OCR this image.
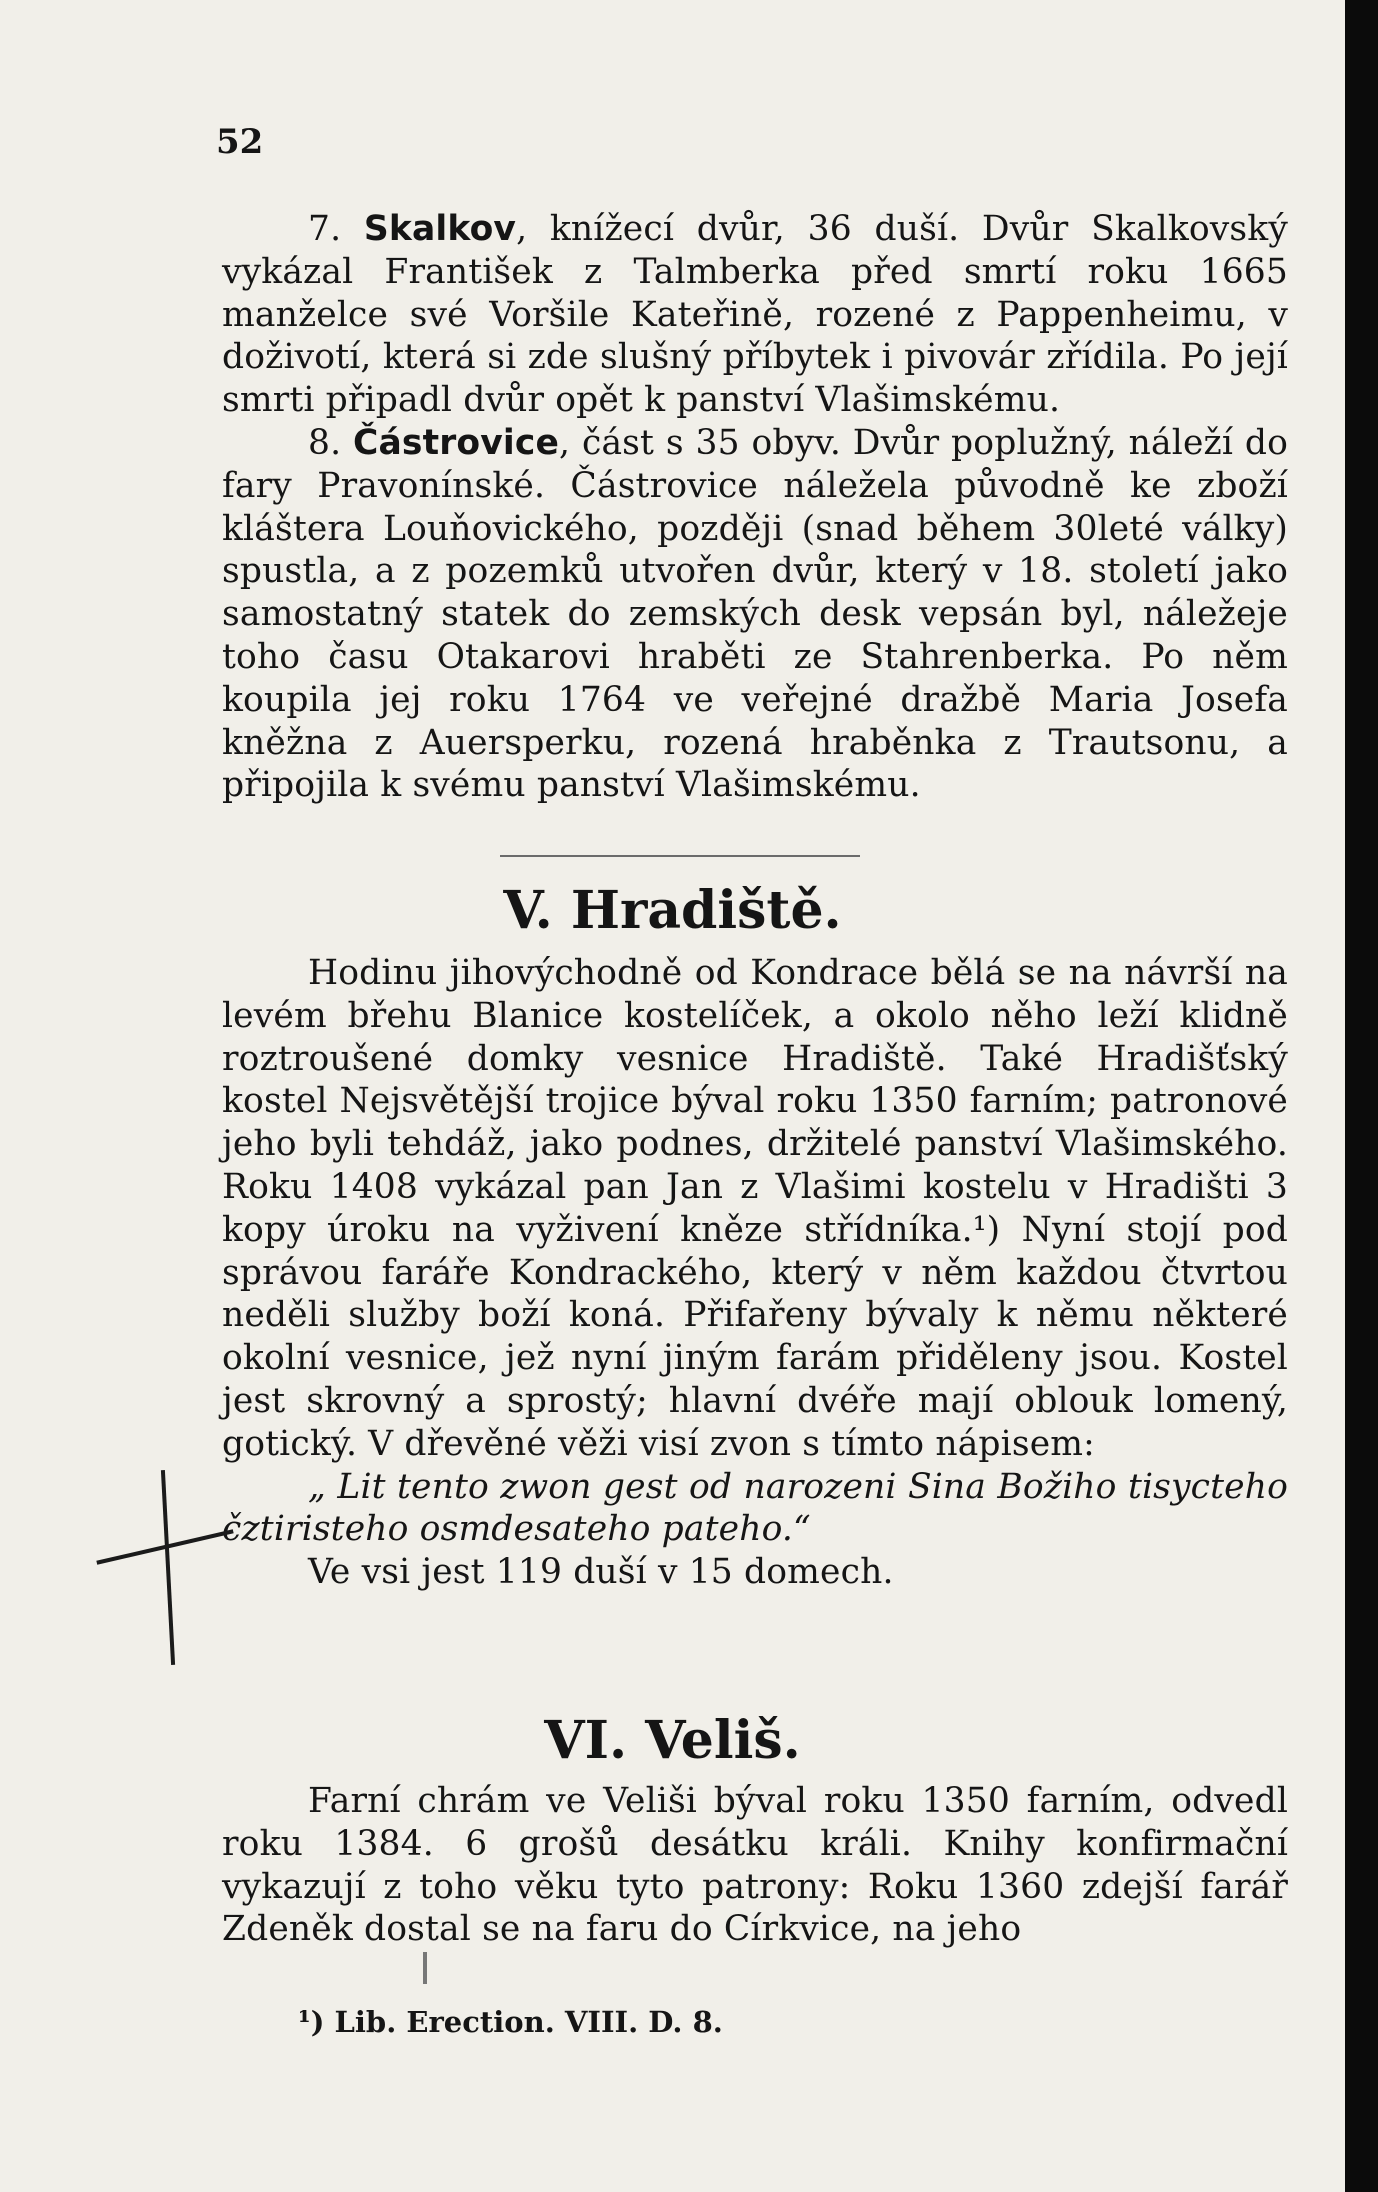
52

7. Skalkov, knížecí dvůr, 36 duší. Dvůr Skalkovský vykázal František z Talmberka před smrtí roku 1665 manželce své Voršile Kateřině, rozené z Pappenheimu, v doživotí, která si zde slušný příbytek i pivovár zřídila. Po její smrti připadl dvůr opět k panství Vlašimskému.

8. Částrovice, část s 35 obyv. Dvůr poplužný, náleží do fary Pravonínské. Částrovice náležela původně ke zboží kláštera Louňovického, později (snad během 30leté války) spustla, a z pozemků utvořen dvůr, který v 18. století jako samostatný statek do zemských desk vepsán byl, náležeje toho času Otakarovi hraběti ze Stahrenberka. Po něm koupila jej roku 1764 ve veřejné dražbě Maria Josefa kněžna z Auersperku, rozená hraběnka z Trautsonu, a připojila k svému panství Vlašimskému.

V. Hradiště.

Hodinu jihovýchodně od Kondrace bělá se na návrší na levém břehu Blanice kostelíček, a okolo něho leží klidně roztroušené domky vesnice Hradiště. Také Hradišťský kostel Nejsvětější trojice býval roku 1350 farním; patronové jeho byli tehdáž, jako podnes, držitelé panství Vlašimského. Roku 1408 vykázal pan Jan z Vlašimi kostelu v Hradišti 3 kopy úroku na vyživení kněze střídníka.¹) Nyní stojí pod správou faráře Kondrackého, který v něm každou čtvrtou neděli služby boží koná. Přifařeny bývaly k němu některé okolní vesnice, jež nyní jiným farám přiděleny jsou. Kostel jest skrovný a sprostý; hlavní dvéře mají oblouk lomený, gotický. V dřevěné věži visí zvon s tímto nápisem:

„ Lit tento zwon gest od narozeni Sina Božiho tisycteho čztiristeho osmdesateho pateho.“

Ve vsi jest 119 duší v 15 domech.

VI. Veliš.

Farní chrám ve Veliši býval roku 1350 farním, odvedl roku 1384. 6 grošů desátku králi. Knihy konfirmační vykazují z toho věku tyto patrony: Roku 1360 zdejší farář Zdeněk dostal se na faru do Církvice, na jeho

¹) Lib. Erection. VIII. D. 8.
